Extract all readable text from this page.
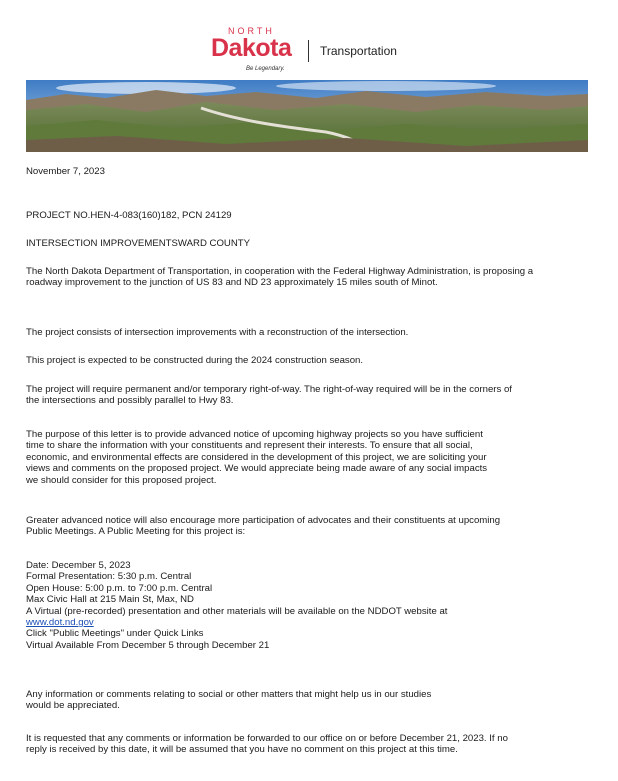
NORTH
Dakota
Be Legendary.
Transportation
November 7, 2023
PROJECT NO.HEN-4-083(160)182, PCN 24129
INTERSECTION IMPROVEMENTSWARD COUNTY
The North Dakota Department of Transportation, in cooperation with the Federal Highway Administration, is proposing a roadway improvement to the junction of US 83 and ND 23 approximately 15 miles south of Minot.
The project consists of intersection improvements with a reconstruction of the intersection.
This project is expected to be constructed during the 2024 construction season.
The project will require permanent and/or temporary right-of-way. The right-of-way required will be in the corners of the intersections and possibly parallel to Hwy 83.
The purpose of this letter is to provide advanced notice of upcoming highway projects so you have sufficient time to share the information with your constituents and represent their interests. To ensure that all social, economic, and environmental effects are considered in the development of this project, we are soliciting your views and comments on the proposed project. We would appreciate being made aware of any social impacts we should consider for this proposed project.
Greater advanced notice will also encourage more participation of advocates and their constituents at upcoming Public Meetings. A Public Meeting for this project is:

Date: December 5, 2023

Formal Presentation: 5:30 p.m. Central

Open House: 5:00 p.m. to 7:00 p.m. Central

Max Civic Hall at 215 Main St, Max, ND

A Virtual (pre-recorded) presentation and other materials will be available on the NDDOT website at

www.dot.nd.gov

Click "Public Meetings" under Quick Links

Virtual Available From December 5 through December 21

Any information or comments relating to social or other matters that might help us in our studies would be appreciated.
It is requested that any comments or information be forwarded to our office on or before December 21, 2023. If no reply is received by this date, it will be assumed that you have no comment on this project at this time.
